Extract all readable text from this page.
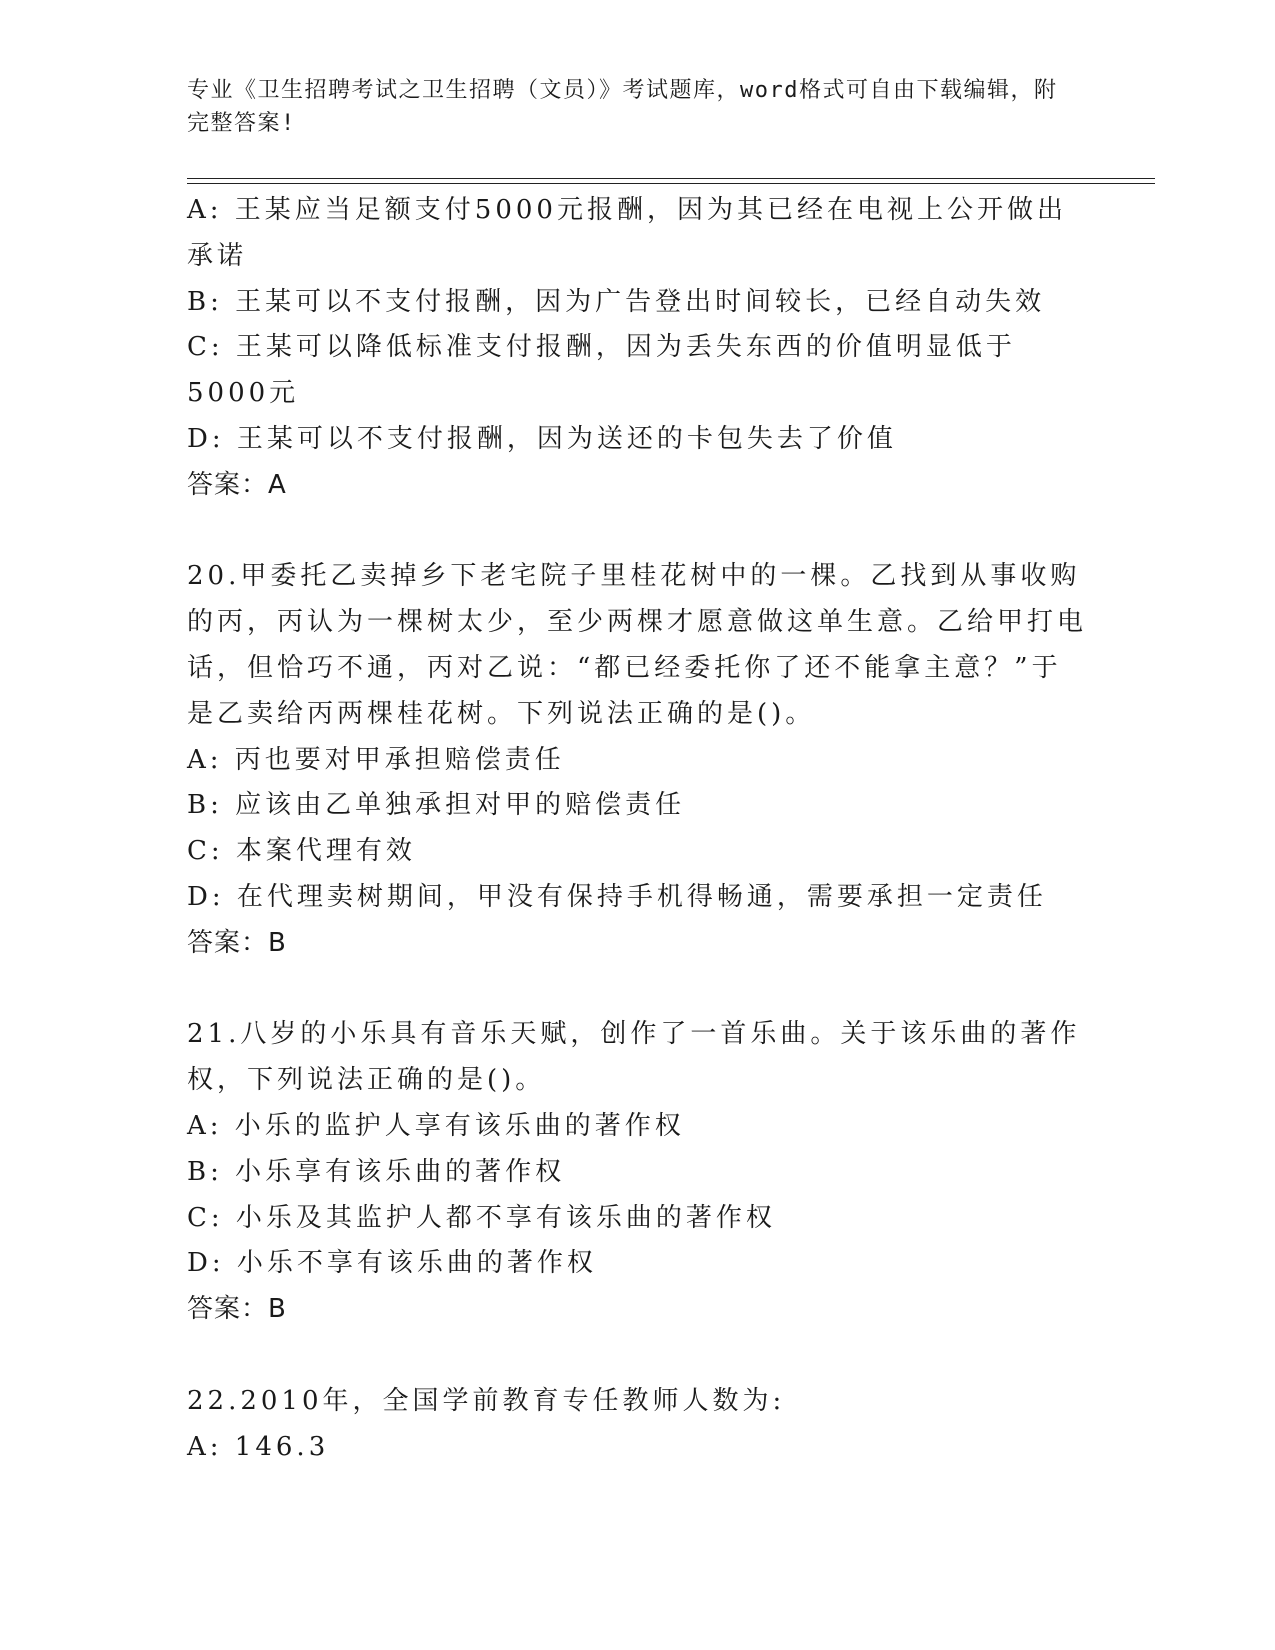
专业《卫生招聘考试之卫生招聘（文员）》考试题库，word格式可自由下载编辑，附完整答案!

A: 王某应当足额支付5000元报酬，因为其已经在电视上公开做出承诺

B: 王某可以不支付报酬，因为广告登出时间较长，已经自动失效

C: 王某可以降低标准支付报酬，因为丢失东西的价值明显低于5000元

D: 王某可以不支付报酬，因为送还的卡包失去了价值

答案：A

20.甲委托乙卖掉乡下老宅院子里桂花树中的一棵。乙找到从事收购的丙，丙认为一棵树太少，至少两棵才愿意做这单生意。乙给甲打电话，但恰巧不通，丙对乙说：“都已经委托你了还不能拿主意？”于是乙卖给丙两棵桂花树。下列说法正确的是()。

A: 丙也要对甲承担赔偿责任

B: 应该由乙单独承担对甲的赔偿责任

C: 本案代理有效

D: 在代理卖树期间，甲没有保持手机得畅通，需要承担一定责任

答案：B

21.八岁的小乐具有音乐天赋，创作了一首乐曲。关于该乐曲的著作权，下列说法正确的是()。

A: 小乐的监护人享有该乐曲的著作权

B: 小乐享有该乐曲的著作权

C: 小乐及其监护人都不享有该乐曲的著作权

D: 小乐不享有该乐曲的著作权

答案：B

22.2010年，全国学前教育专任教师人数为:

A: 146.3
